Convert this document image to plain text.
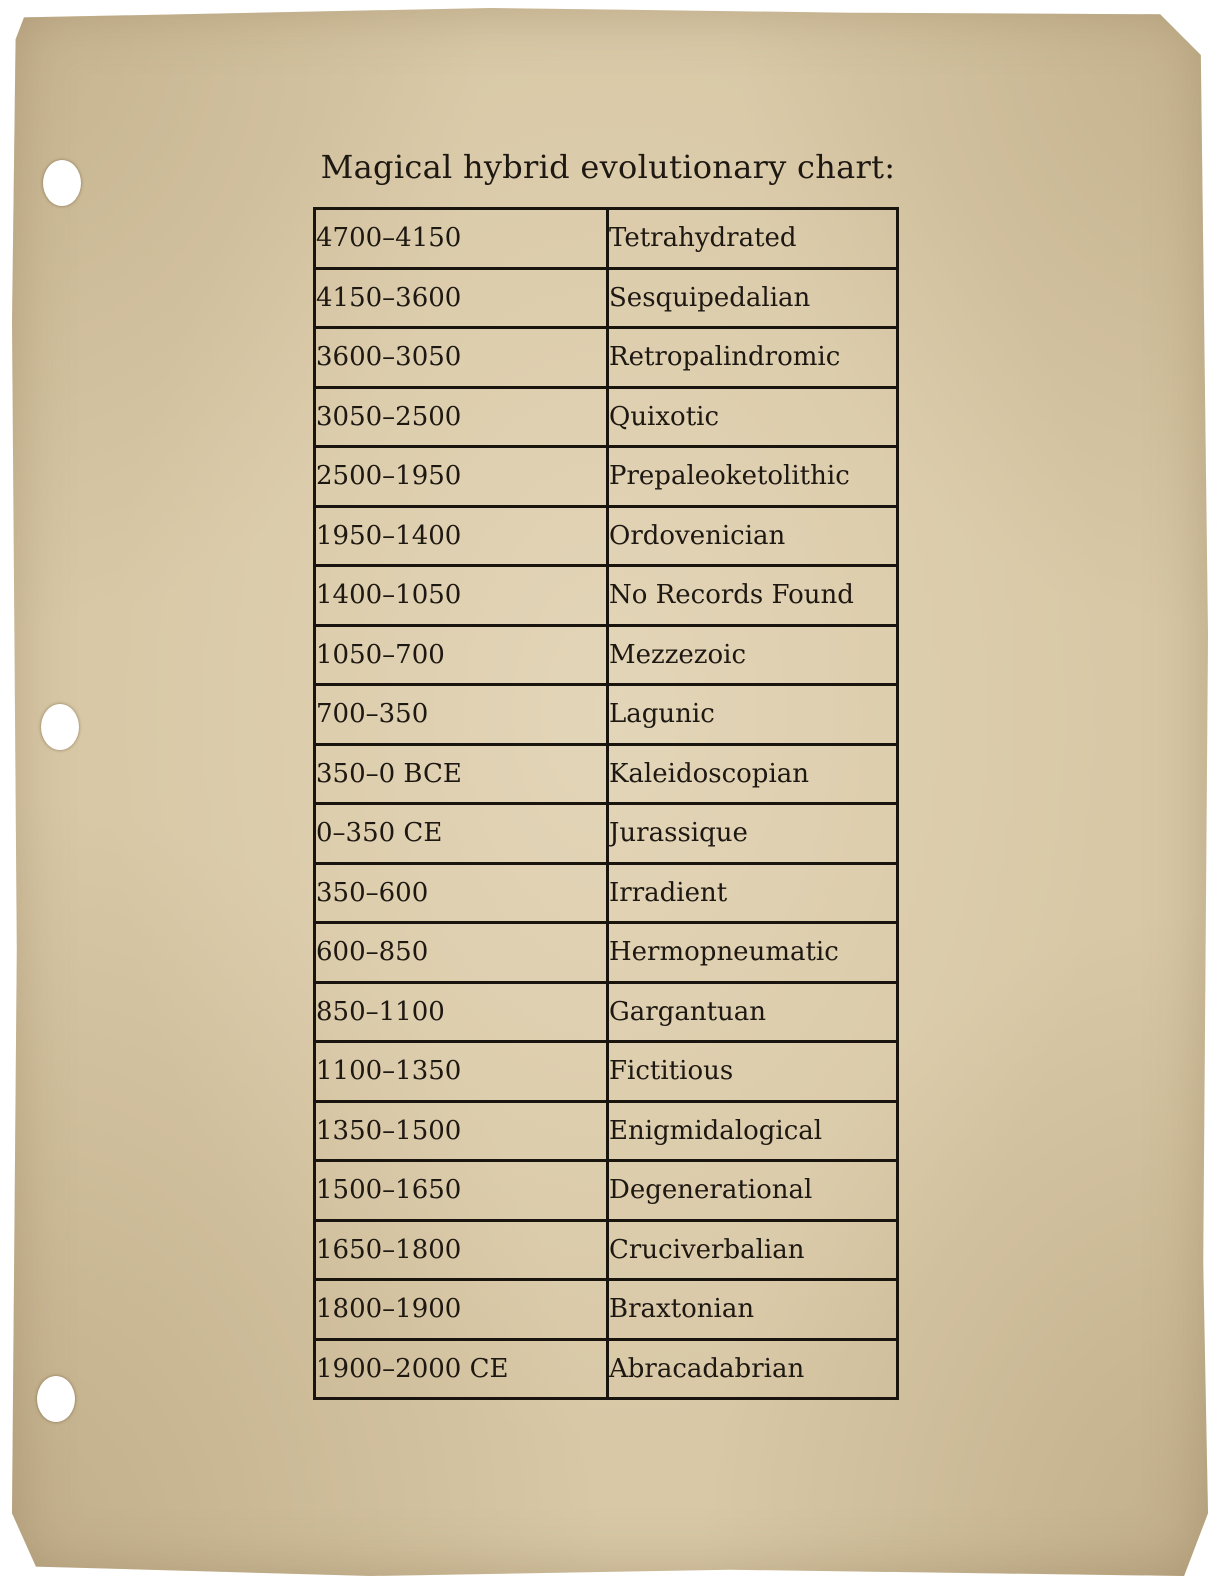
Magical hybrid evolutionary chart:
4700–4150	Tetrahydrated
4150–3600	Sesquipedalian
3600–3050	Retropalindromic
3050–2500	Quixotic
2500–1950	Prepaleoketolithic
1950–1400	Ordovenician
1400–1050	No Records Found
1050–700	Mezzezoic
700–350	Lagunic
350–0 BCE	Kaleidoscopian
0–350 CE	Jurassique
350–600	Irradient
600–850	Hermopneumatic
850–1100	Gargantuan
1100–1350	Fictitious
1350–1500	Enigmidalogical
1500–1650	Degenerational
1650–1800	Cruciverbalian
1800–1900	Braxtonian
1900–2000 CE	Abracadabrian
